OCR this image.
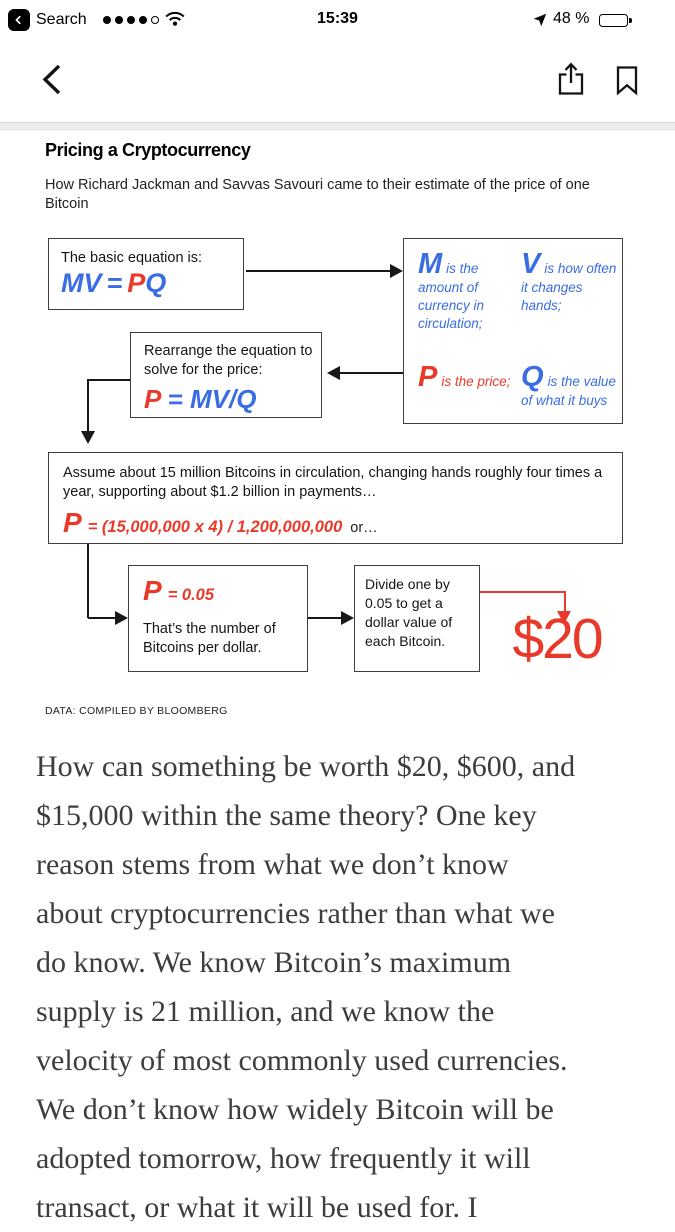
Search	15:39	48 %
Pricing a Cryptocurrency
How Richard Jackman and Savvas Savouri came to their estimate of the price of one Bitcoin
The basic equation is:
MV = PQ
Mis the amount of currency in circulation;
Vis how often it changes hands;
Pis the price; Qis the value of what it buys
Rearrange the equation to solve for the price:
P = MV/Q
Assume about 15 million Bitcoins in circulation, changing hands roughly four times a year, supporting about $1.2 billion in payments…
P = (15,000,000 x 4) / 1,200,000,000 or…
P = 0.05
That’s the number of Bitcoins per dollar.
Divide one by 0.05 to get a dollar value of each Bitcoin.	$20
DATA: COMPILED BY BLOOMBERG
How can something be worth $20, $600, and
$15,000 within the same theory? One key
reason stems from what we don’t know
about cryptocurrencies rather than what we
do know. We know Bitcoin’s maximum
supply is 21 million, and we know the
velocity of most commonly used currencies.
We don’t know how widely Bitcoin will be
adopted tomorrow, how frequently it will
transact, or what it will be used for. I
